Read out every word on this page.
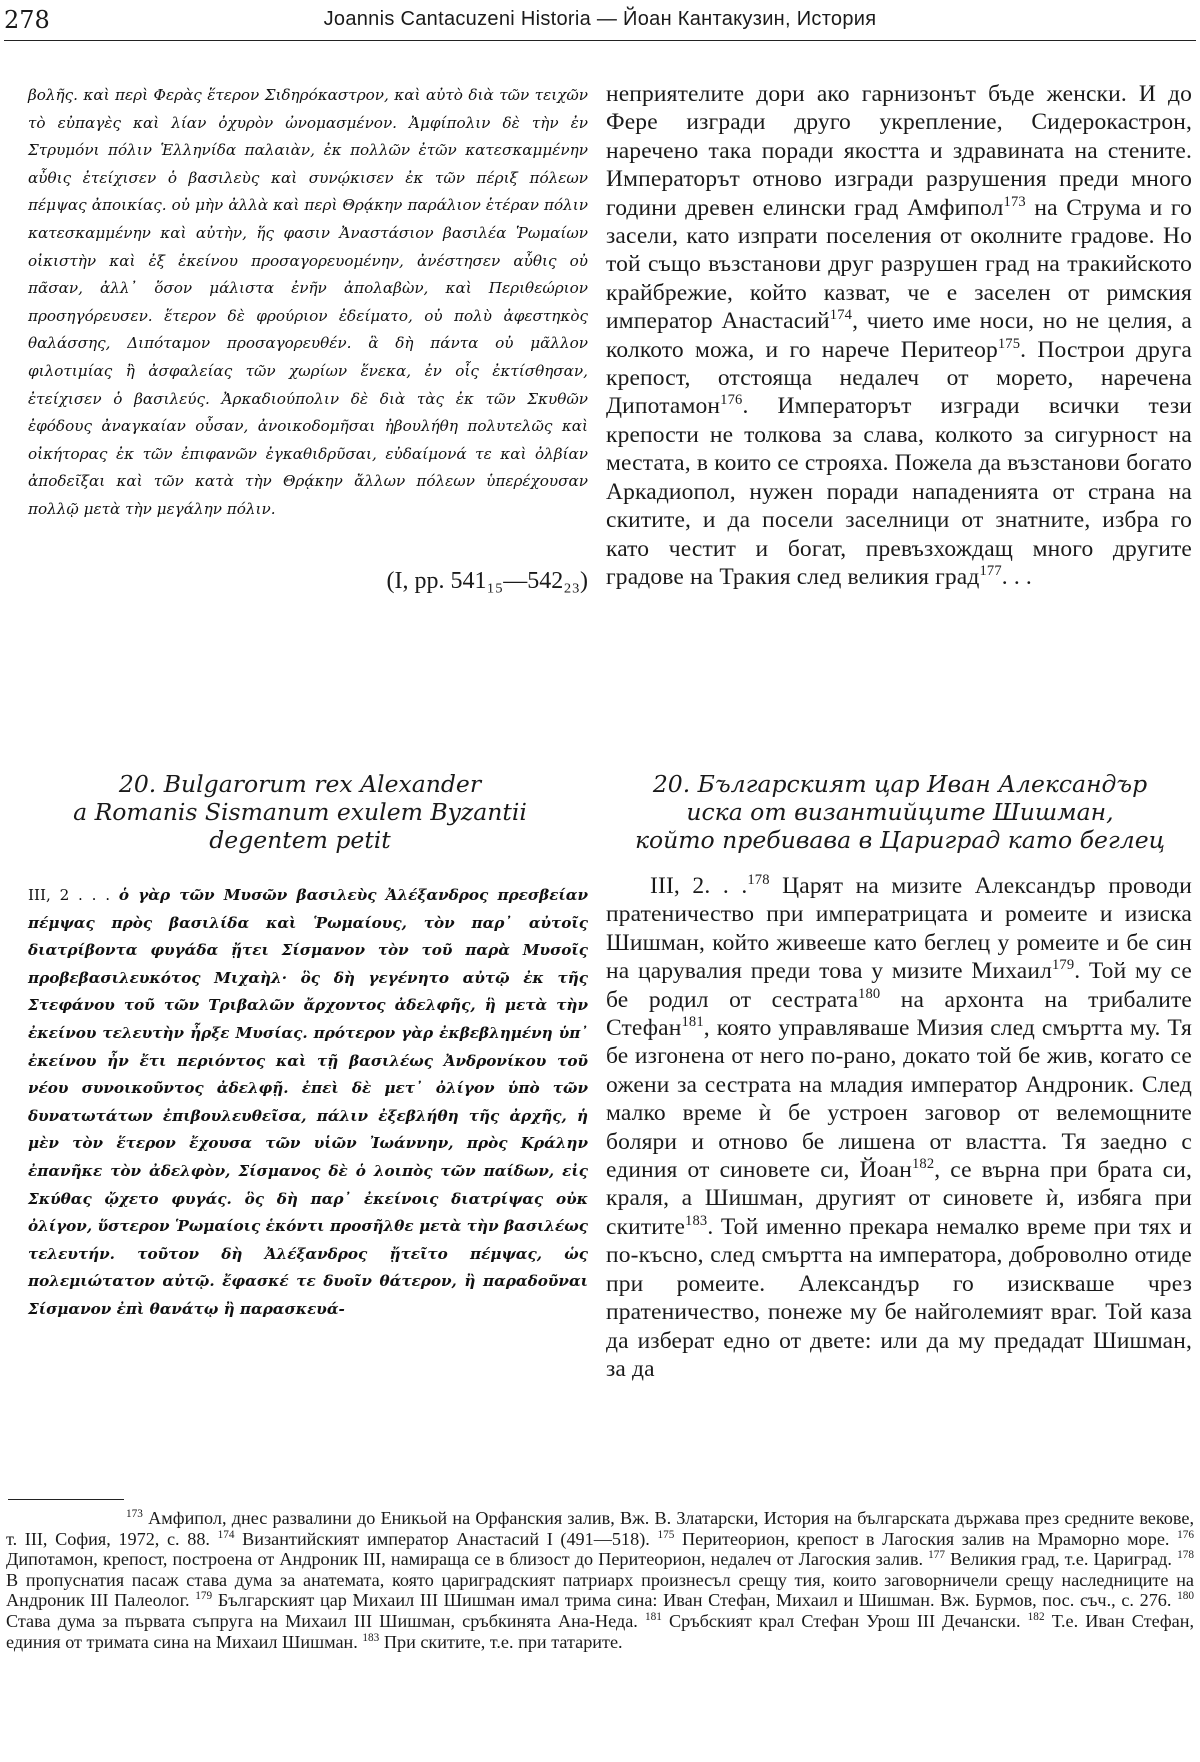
278	Joannis Cantacuzeni Historia — Йоан Кантакузин, История

βολῆς. καὶ περὶ Φερὰς ἕτερον Σιδηρόκαστρον, καὶ αὐτὸ διὰ τῶν τειχῶν τὸ εὐπαγὲς καὶ λίαν ὀχυρὸν ὠνομασμένον. Ἀμφίπολιν δὲ τὴν ἐν Στρυμόνι πόλιν Ἑλληνίδα παλαιὰν, ἐκ πολλῶν ἐτῶν κατεσκαμμένην αὖθις ἐτείχισεν ὁ βασιλεὺς καὶ συνῴκισεν ἐκ τῶν πέριξ πόλεων πέμψας ἀποικίας. οὐ μὴν ἀλλὰ καὶ περὶ Θρᾴκην παράλιον ἑτέραν πόλιν κατεσκαμμένην καὶ αὐτὴν, ἥς φασιν Ἀναστάσιον βασιλέα Ῥωμαίων οἰκιστὴν καὶ ἐξ ἐκείνου προσαγορευομένην, ἀνέστησεν αὖθις οὐ πᾶσαν, ἀλλ᾽ ὅσον μάλιστα ἐνῆν ἀπολαβὼν, καὶ Περιθεώριον προσηγόρευσεν. ἕτερον δὲ φρούριον ἐδείματο, οὐ πολὺ ἀφεστηκὸς θαλάσσης, Διπόταμον προσαγορευθέν. ἃ δὴ πάντα οὐ μᾶλλον φιλοτιμίας ἢ ἀσφαλείας τῶν χωρίων ἕνεκα, ἐν οἷς ἐκτίσθησαν, ἐτείχισεν ὁ βασιλεύς. Ἀρκαδιούπολιν δὲ διὰ τὰς ἐκ τῶν Σκυθῶν ἐφόδους ἀναγκαίαν οὖσαν, ἀνοικοδομῆσαι ἠβουλήθη πολυτελῶς καὶ οἰκήτορας ἐκ τῶν ἐπιφανῶν ἐγκαθιδρῦσαι, εὐδαίμονά τε καὶ ὀλβίαν ἀποδεῖξαι καὶ τῶν κατὰ τὴν Θρᾴκην ἄλλων πόλεων ὑπερέχουσαν πολλῷ μετὰ τὴν μεγάλην πόλιν.

(I, pp. 541₁₅—542₂₃)

неприятелите дори ако гарнизонът бъде женски. И до Фере изгради друго укрепление, Сидерокастрон, наречено така поради якостта и здравината на стените. Императорът отново изгради разрушения преди много години древен елински град Амфипол$^{173}$ на Струма и го засели, като изпрати поселения от околните градове. Но той също възстанови друг разрушен град на тракийското крайбрежие, който казват, че е заселен от римския император Анастасий$^{174}$, чието име носи, но не целия, а колкото можа, и го нарече Перитеор$^{175}$. Построи друга крепост, отстояща недалеч от морето, наречена Дипотамон$^{176}$. Императорът изгради всички тези крепости не толкова за слава, колкото за сигурност на местата, в които се строяха. Пожела да възстанови богато Аркадиопол, нужен поради нападенията от страна на скитите, и да посели заселници от знатните, избра го като честит и богат, превъзхождащ много другите градове на Тракия след великия град$^{177}$. . .

20. Bulgarorum rex Alexander
a Romanis Sismanum exulem Byzantii
degentem petit
20. Българският цар Иван Александър
иска от византийците Шишман,
който пребивава в Цариград като беглец

III, 2 . . . ὁ γὰρ τῶν Μυσῶν βασιλεὺς Ἀλέξανδρος πρεσβείαν πέμψας πρὸς βασιλίδα καὶ Ῥωμαίους, τὸν παρ᾽ αὐτοῖς διατρίβοντα φυγάδα ᾔτει Σίσμανον τὸν τοῦ παρὰ Μυσοῖς προβεβασιλευκότος Μιχαὴλ· ὃς δὴ γεγένητο αὐτῷ ἐκ τῆς Στεφάνου τοῦ τῶν Τριβαλῶν ἄρχοντος ἀδελφῆς, ἣ μετὰ τὴν ἐκείνου τελευτὴν ἦρξε Μυσίας. πρότερον γὰρ ἐκβεβλημένη ὑπ᾽ ἐκείνου ἦν ἔτι περιόντος καὶ τῇ βασιλέως Ἀνδρονίκου τοῦ νέου συνοικοῦντος ἀδελφῇ. ἐπεὶ δὲ μετ᾽ ὀλίγον ὑπὸ τῶν δυνατωτάτων ἐπιβουλευθεῖσα, πάλιν ἐξεβλήθη τῆς ἀρχῆς, ἡ μὲν τὸν ἕτερον ἔχουσα τῶν υἱῶν Ἰωάννην, πρὸς Κράλην ἐπανῆκε τὸν ἀδελφὸν, Σίσμανος δὲ ὁ λοιπὸς τῶν παίδων, εἰς Σκύθας ᾤχετο φυγάς. ὃς δὴ παρ᾽ ἐκείνοις διατρίψας οὐκ ὀλίγον, ὕστερον Ῥωμαίοις ἑκόντι προσῆλθε μετὰ τὴν βασιλέως τελευτήν. τοῦτον δὴ Ἀλέξανδρος ᾔτεῖτο πέμψας, ὡς πολεμιώτατον αὐτῷ. ἔφασκέ τε δυοῖν θάτερον, ἢ παραδοῦναι Σίσμανον ἐπὶ θανάτῳ ἢ παρασκευά-

III, 2. . .$^{178}$ Царят на мизите Александър проводи пратеничество при императрицата и ромеите и изиска Шишман, който живееше като беглец у ромеите и бе син на царувалия преди това у мизите Михаил$^{179}$. Той му се бе родил от сестрата$^{180}$ на архонта на трибалите Стефан$^{181}$, която управляваше Мизия след смъртта му. Тя бе изгонена от него по-рано, докато той бе жив, когато се ожени за сестрата на младия император Андроник. След малко време ѝ бе устроен заговор от велемощните боляри и отново бе лишена от властта. Тя заедно с единия от синовете си, Йоан$^{182}$, се върна при брата си, краля, а Шишман, другият от синовете ѝ, избяга при скитите$^{183}$. Той именно прекара немалко време при тях и по-късно, след смъртта на императора, доброволно отиде при ромеите. Александър го изискваше чрез пратеничество, понеже му бе найголемият враг. Той каза да изберат едно от двете: или да му предадат Шишман, за да

$^{173}$ Амфипол, днес развалини до Еникьой на Орфанския залив, Вж. В. Златарски, История на българската държава през средните векове, т. III, София, 1972, с. 88. $^{174}$ Византийският император Анастасий I (491—518). $^{175}$ Перитеорион, крепост в Лагоския залив на Мраморно море. $^{176}$ Дипотамон, крепост, построена от Андроник III, намираща се в близост до Перитеорион, недалеч от Лагоския залив. $^{177}$ Великия град, т.е. Цариград. $^{178}$ В пропуснатия пасаж става дума за анатемата, която цариградският патриарх произнесъл срещу тия, които заговорничели срещу наследниците на Андроник III Палеолог. $^{179}$ Българският цар Михаил III Шишман имал трима сина: Иван Стефан, Михаил и Шишман. Вж. Бурмов, пос. съч., с. 276. $^{180}$ Става дума за първата съпруга на Михаил III Шишман, сръбкинята Ана-Неда. $^{181}$ Сръбският крал Стефан Урош III Дечански. $^{182}$ Т.е. Иван Стефан, единия от тримата сина на Михаил Шишман. $^{183}$ При скитите, т.е. при татарите.
